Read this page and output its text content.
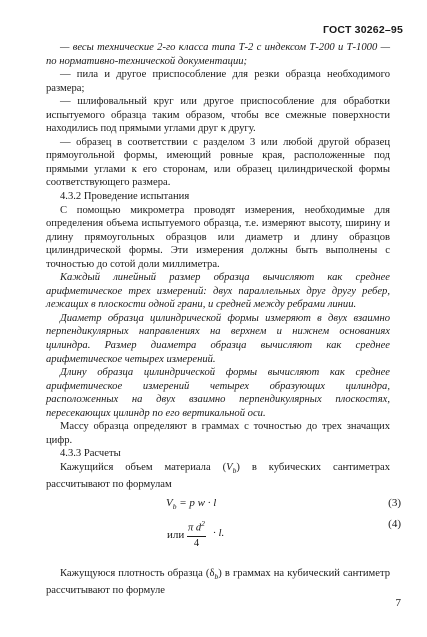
ГОСТ 30262–95

— весы технические 2-го класса типа Т-2 с индексом Т-200 и Т-1000 — по нормативно-технической документации;

— пила и другое приспособление для резки образца необходимого размера;

— шлифовальный круг или другое приспособление для обработки испытуемого образца таким образом, чтобы все смежные поверхности находились под прямыми углами друг к другу.

— образец в соответствии с разделом 3 или любой другой образец прямоугольной формы, имеющий ровные края, расположенные под прямыми углами к его сторонам, или образец цилиндрической формы соответствующего размера.

4.3.2 Проведение испытания

С помощью микрометра проводят измерения, необходимые для определения объема испытуемого образца, т.е. измеряют высоту, ширину и длину прямоугольных образцов или диаметр и длину образцов цилиндрической формы. Эти измерения должны быть выполнены с точностью до сотой доли миллиметра.

Каждый линейный размер образца вычисляют как среднее арифметическое трех измерений: двух параллельных друг другу ребер, лежащих в плоскости одной грани, и средней между ребрами линии.

Диаметр образца цилиндрической формы измеряют в двух взаимно перпендикулярных направлениях на верхнем и нижнем основаниях цилиндра. Размер диаметра образца вычисляют как среднее арифметическое четырех измерений.

Длину образца цилиндрической формы вычисляют как среднее арифметическое измерений четырех образующих цилиндра, расположенных на двух взаимно перпендикулярных плоскостях, пересекающих цилиндр по его вертикальной оси.

Массу образца определяют в граммах с точностью до трех значащих цифр.

4.3.3 Расчеты

Кажущийся объем материала $(V_b)$ в кубических сантиметрах рассчитывают по формулам

$V_b = p$ w · l	(3)
или $\frac{\pi d^2}{4} \cdot l$.
(4)

Кажущуюся плотность образца $(\delta_b)$ в граммах на кубический сантиметр рассчитывают по формуле

7
